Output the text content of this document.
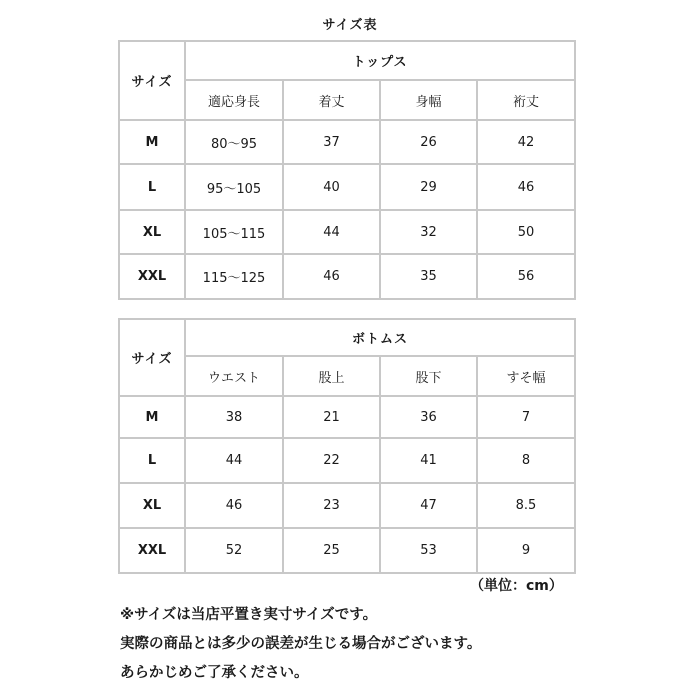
サイズ表
サイズ	トップス			
	適応身長	着丈	身幅	裄丈
M	80～95	37	26	42
L	95～105	40	29	46
XL	105～115	44	32	50
XXL	115～125	46	35	56
サイズ	ボトムス			
	ウエスト	股上	股下	すそ幅
M	38	21	36	7
L	44	22	41	8
XL	46	23	47	8.5
XXL	52	25	53	9
（単位：cm）
※サイズは当店平置き実寸サイズです。
実際の商品とは多少の誤差が生じる場合がございます。
あらかじめご了承ください。
